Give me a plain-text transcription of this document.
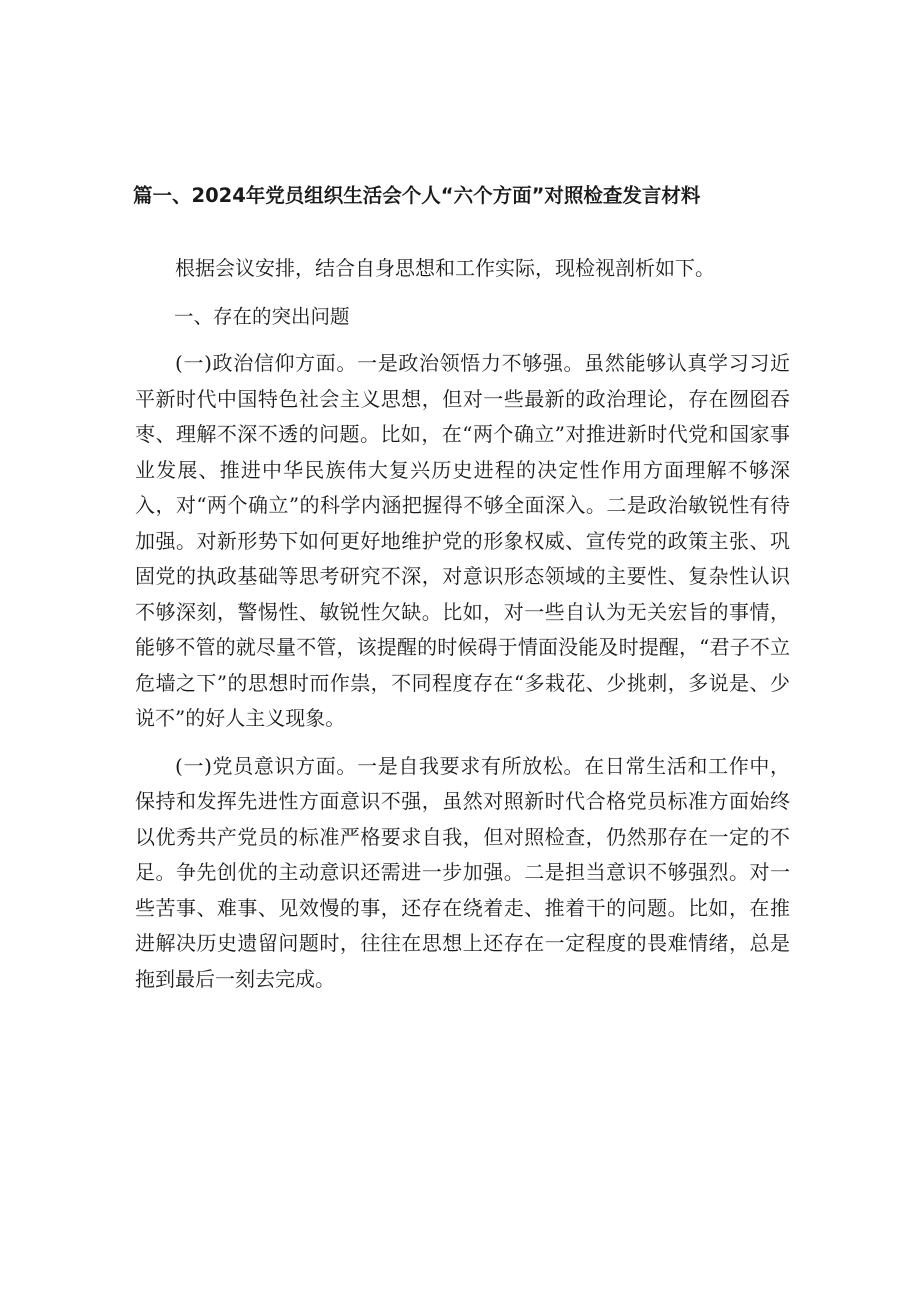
篇一、2024年党员组织生活会个人“六个方面”对照检查发言材料

根据会议安排，结合自身思想和工作实际，现检视剖析如下。

一、存在的突出问题

(一)政治信仰方面。一是政治领悟力不够强。虽然能够认真学习习近平新时代中国特色社会主义思想，但对一些最新的政治理论，存在囫囵吞枣、理解不深不透的问题。比如，在“两个确立”对推进新时代党和国家事业发展、推进中华民族伟大复兴历史进程的决定性作用方面理解不够深入，对“两个确立”的科学内涵把握得不够全面深入。二是政治敏锐性有待加强。对新形势下如何更好地维护党的形象权威、宣传党的政策主张、巩固党的执政基础等思考研究不深，对意识形态领域的主要性、复杂性认识不够深刻，警惕性、敏锐性欠缺。比如，对一些自认为无关宏旨的事情，能够不管的就尽量不管，该提醒的时候碍于情面没能及时提醒，“君子不立危墙之下”的思想时而作祟，不同程度存在“多栽花、少挑刺，多说是、少说不”的好人主义现象。

(一)党员意识方面。一是自我要求有所放松。在日常生活和工作中，保持和发挥先进性方面意识不强，虽然对照新时代合格党员标准方面始终以优秀共产党员的标准严格要求自我，但对照检查，仍然那存在一定的不足。争先创优的主动意识还需进一步加强。二是担当意识不够强烈。对一些苦事、难事、见效慢的事，还存在绕着走、推着干的问题。比如，在推进解决历史遗留问题时，往往在思想上还存在一定程度的畏难情绪，总是拖到最后一刻去完成。
